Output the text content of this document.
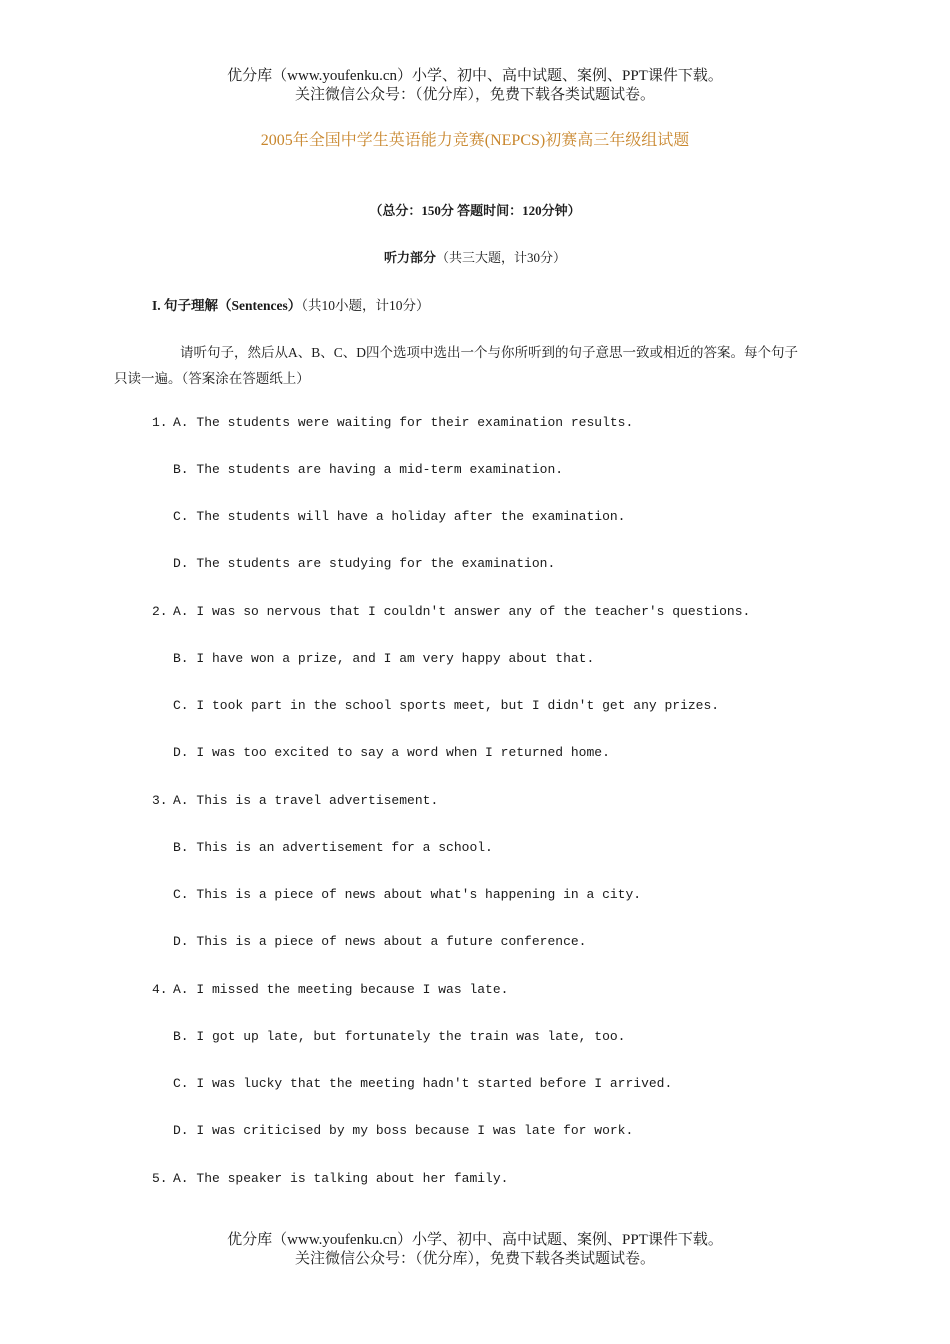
优分库（www.youfenku.cn）小学、初中、高中试题、案例、PPT课件下载。
关注微信公众号：（优分库），免费下载各类试题试卷。
2005年全国中学生英语能力竞赛(NEPCS)初赛高三年级组试题
（总分：150分 答题时间：120分钟）
听力部分（共三大题，计30分）
I. 句子理解（Sentences）（共10小题，计10分）
请听句子，然后从A、B、C、D四个选项中选出一个与你所听到的句子意思一致或相近的答案。每个句子
只读一遍。（答案涂在答题纸上）
1. A. The students were waiting for their examination results.
B. The students are having a mid-term examination.
C. The students will have a holiday after the examination.
D. The students are studying for the examination.
2. A. I was so nervous that I couldn't answer any of the teacher's questions.
B. I have won a prize, and I am very happy about that.
C. I took part in the school sports meet, but I didn't get any prizes.
D. I was too excited to say a word when I returned home.
3. A. This is a travel advertisement.
B. This is an advertisement for a school.
C. This is a piece of news about what's happening in a city.
D. This is a piece of news about a future conference.
4. A. I missed the meeting because I was late.
B. I got up late, but fortunately the train was late, too.
C. I was lucky that the meeting hadn't started before I arrived.
D. I was criticised by my boss because I was late for work.
5. A. The speaker is talking about her family.
优分库（www.youfenku.cn）小学、初中、高中试题、案例、PPT课件下载。
关注微信公众号：（优分库），免费下载各类试题试卷。
